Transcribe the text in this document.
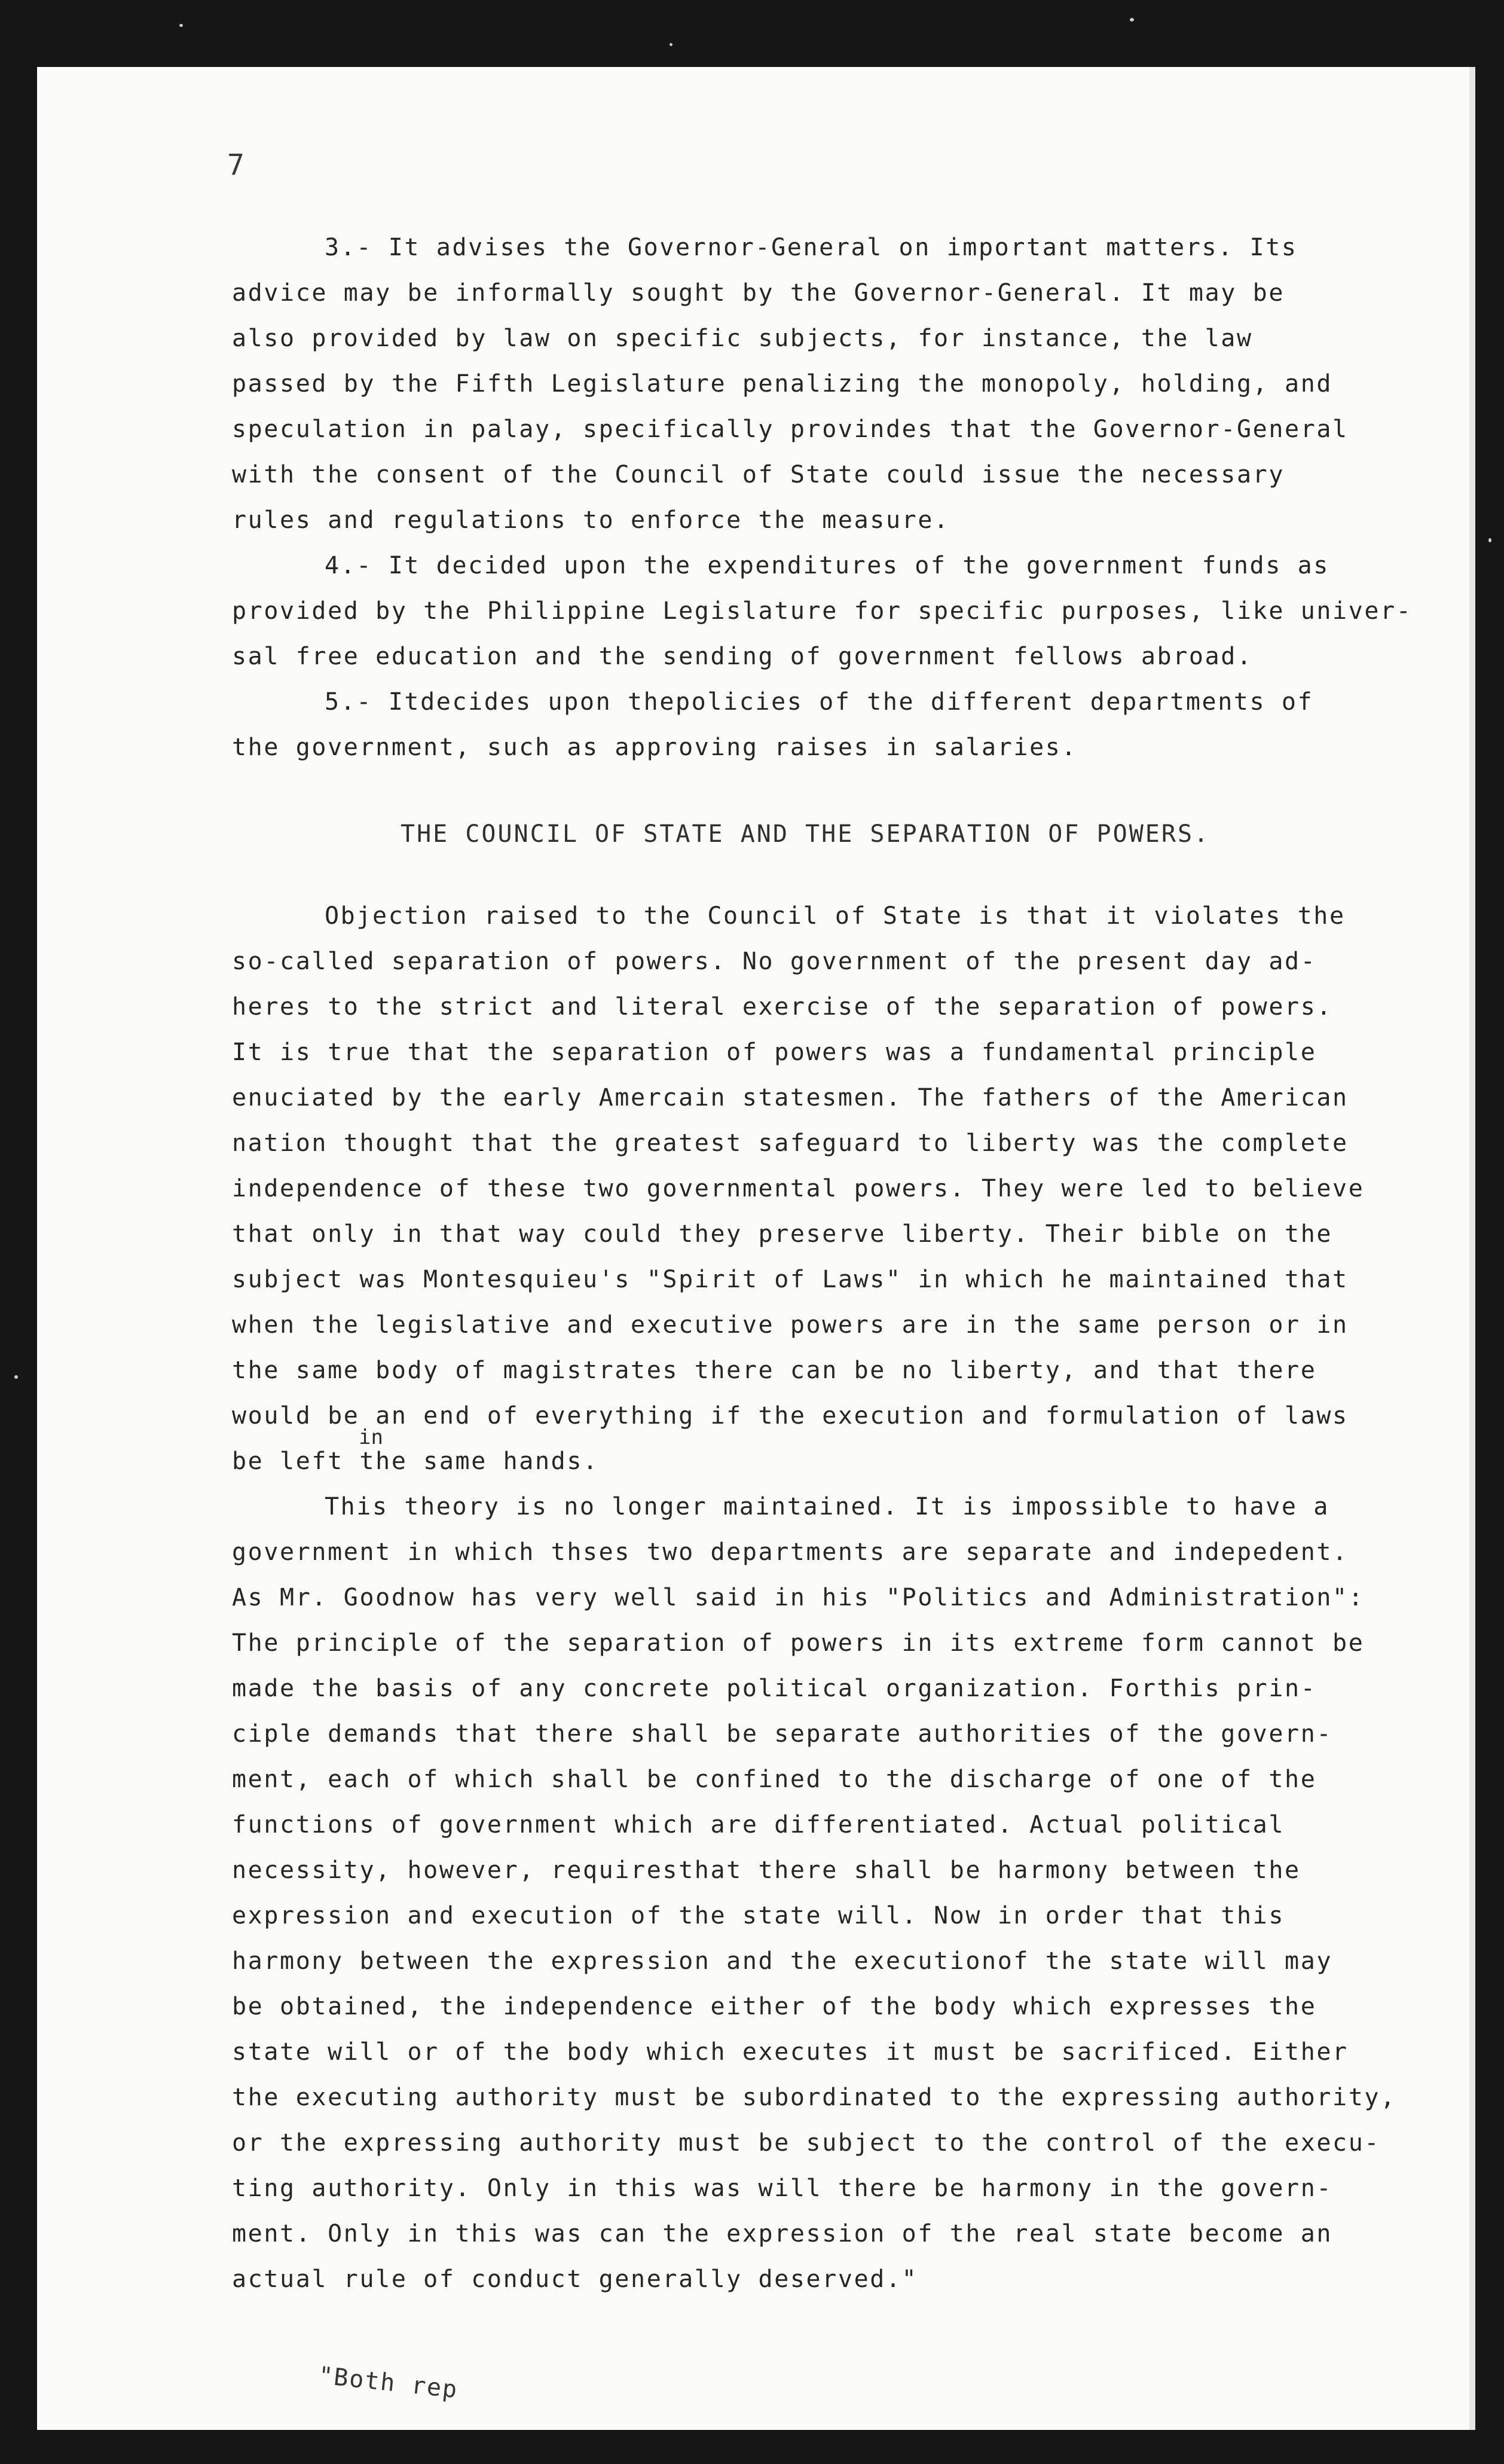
7
3.- It advises the Governor-General on important matters. Its
advice may be informally sought by the Governor-General. It may be
also provided by law on specific subjects, for instance, the law
passed by the Fifth Legislature penalizing the monopoly, holding, and
speculation in palay, specifically provindes that the Governor-General
with the consent of the Council of State could issue the necessary
rules and regulations to enforce the measure.
4.- It decided upon the expenditures of the government funds as
provided by the Philippine Legislature for specific purposes, like univer-
sal free education and the sending of government fellows abroad.
5.- Itdecides upon thepolicies of the different departments of
the government, such as approving raises in salaries.
THE COUNCIL OF STATE AND THE SEPARATION OF POWERS.
Objection raised to the Council of State is that it violates the
so-called separation of powers. No government of the present day ad-
heres to the strict and literal exercise of the separation of powers.
It is true that the separation of powers was a fundamental principle
enuciated by the early Amercain statesmen. The fathers of the American
nation thought that the greatest safeguard to liberty was the complete
independence of these two governmental powers. They were led to believe
that only in that way could they preserve liberty. Their bible on the
subject was Montesquieu's "Spirit of Laws" in which he maintained that
when the legislative and executive powers are in the same person or in
the same body of magistrates there can be no liberty, and that there
would be an end of everything if the execution and formulation of laws
be left the same hands.
This theory is no longer maintained. It is impossible to have a
government in which thses two departments are separate and indepedent.
As Mr. Goodnow has very well said in his "Politics and Administration":
The principle of the separation of powers in its extreme form cannot be
made the basis of any concrete political organization. Forthis prin-
ciple demands that there shall be separate authorities of the govern-
ment, each of which shall be confined to the discharge of one of the
functions of government which are differentiated. Actual political
necessity, however, requiresthat there shall be harmony between the
expression and execution of the state will. Now in order that this
harmony between the expression and the executionof the state will may
be obtained, the independence either of the body which expresses the
state will or of the body which executes it must be sacrificed. Either
the executing authority must be subordinated to the expressing authority,
or the expressing authority must be subject to the control of the execu-
ting authority. Only in this was will there be harmony in the govern-
ment. Only in this was can the expression of the real state become an
actual rule of conduct generally deserved."
in
"Both rep
